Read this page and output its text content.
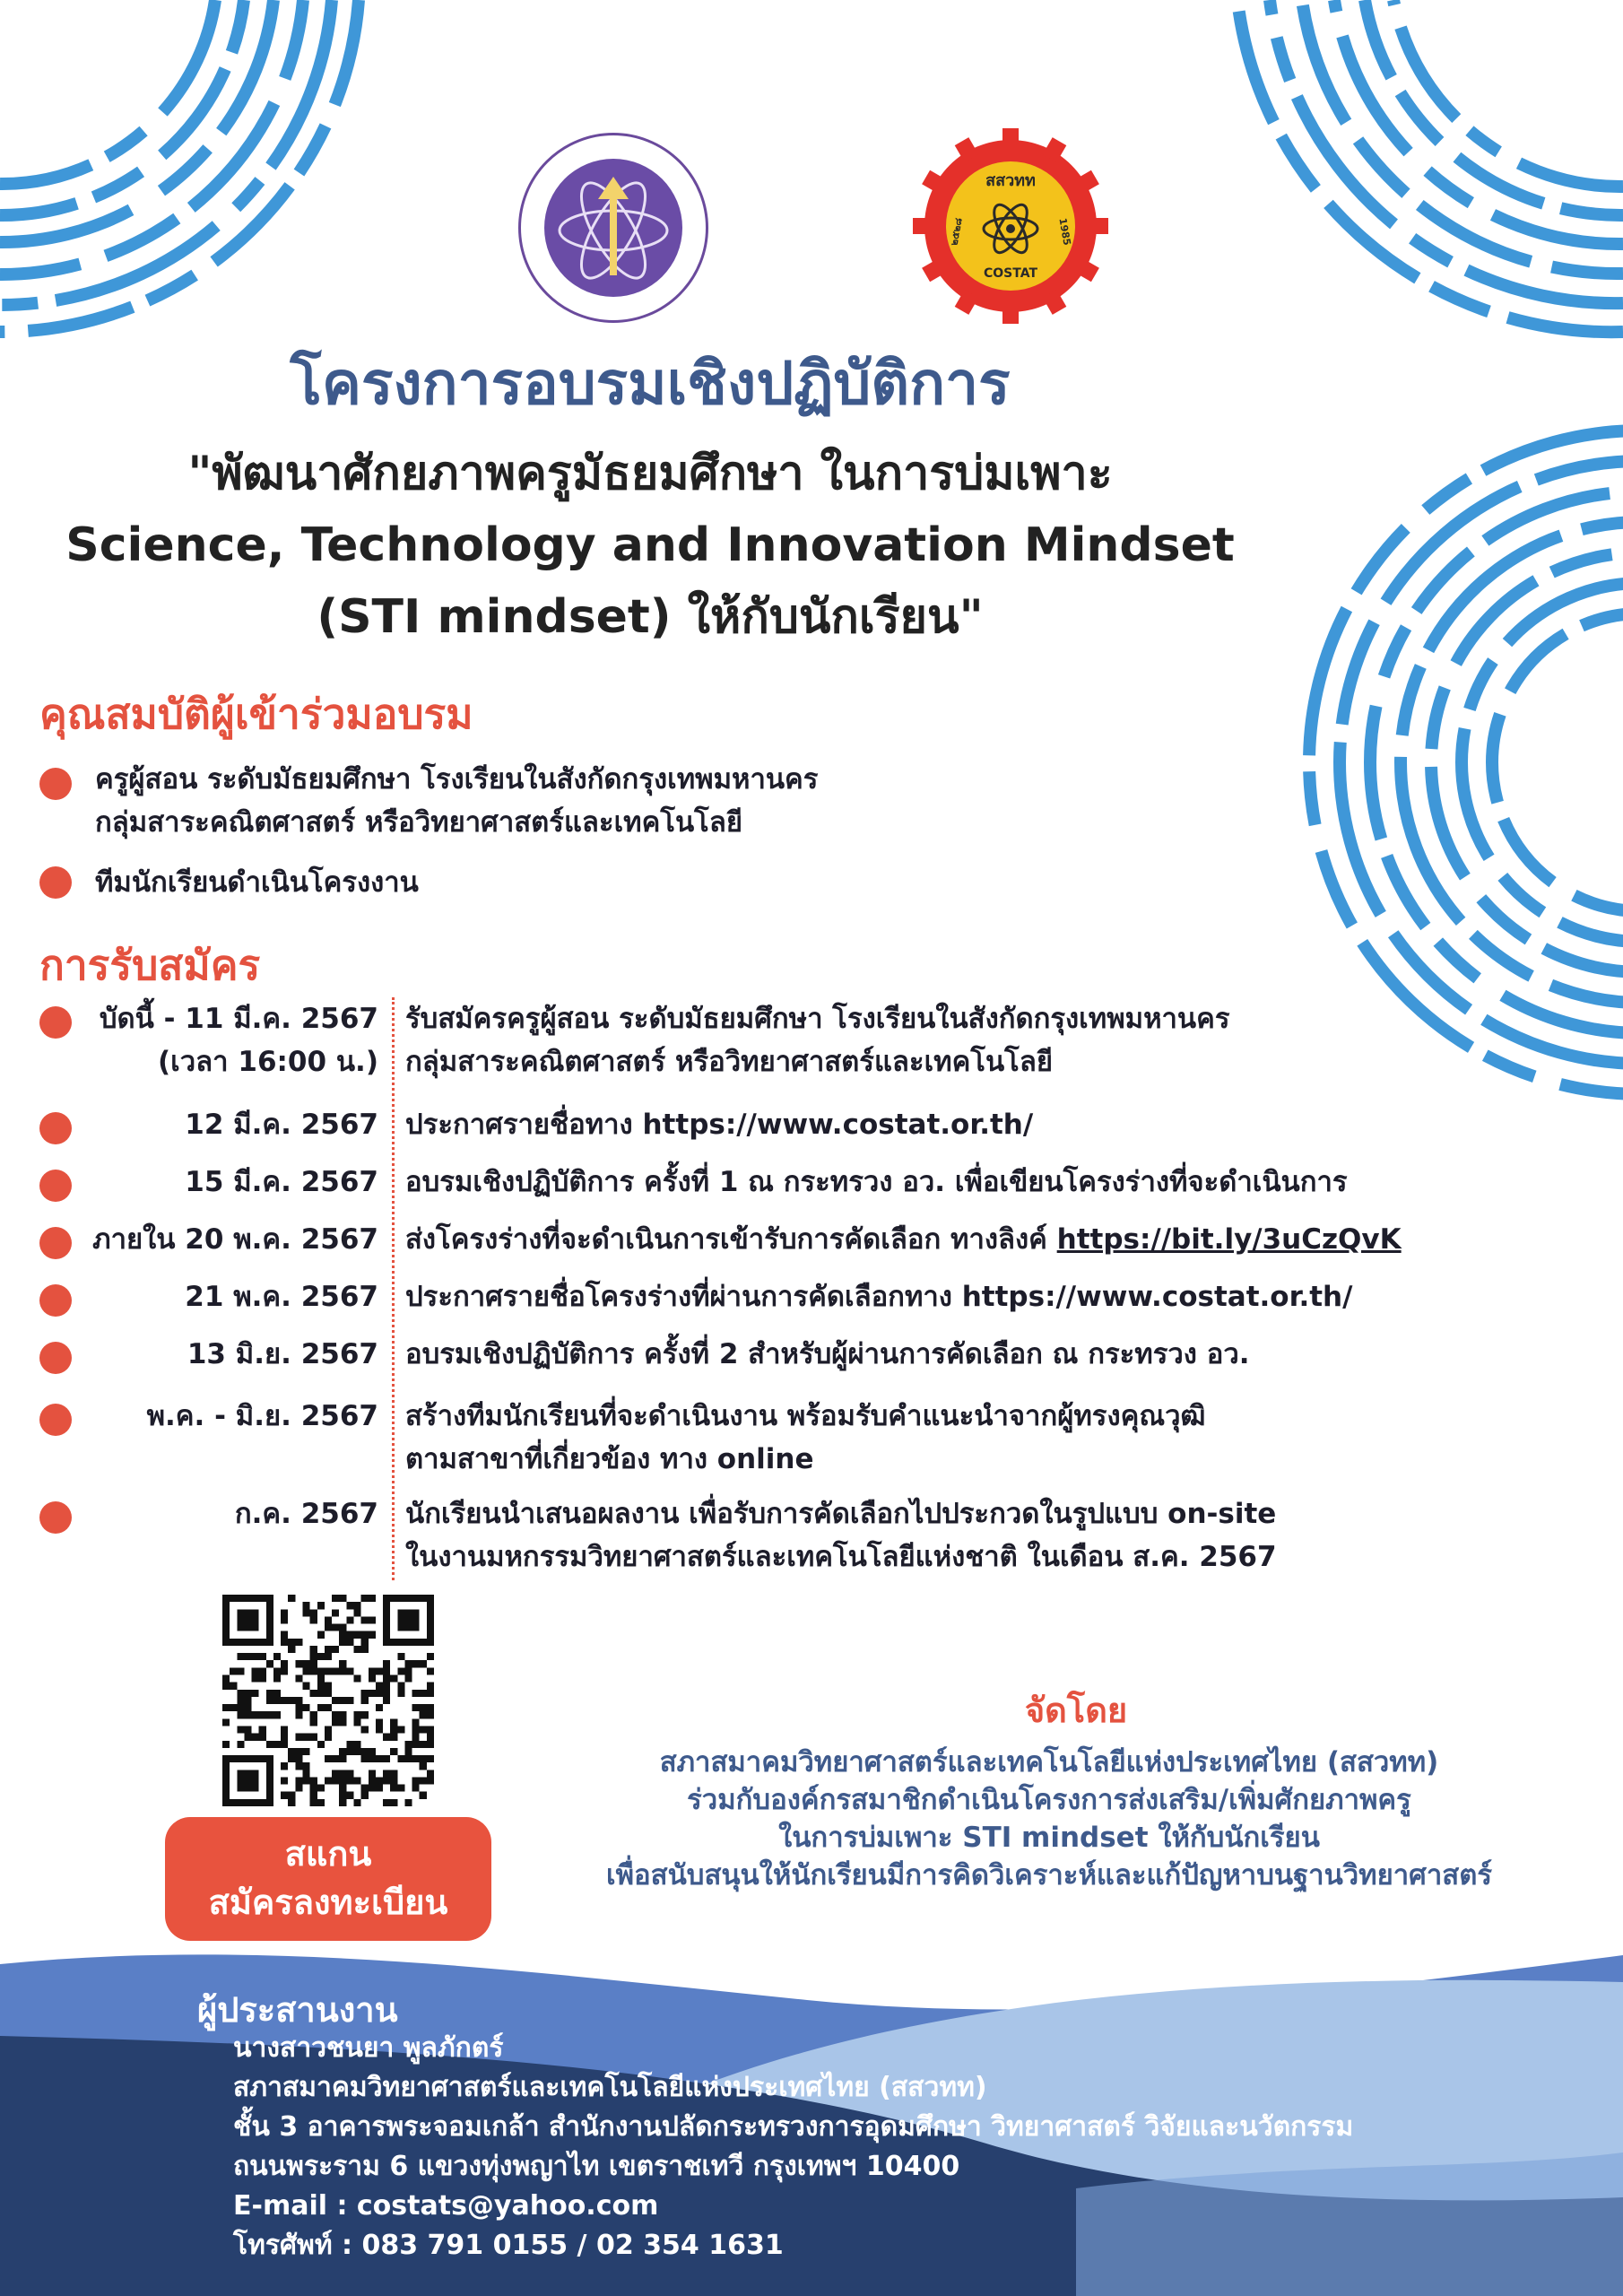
สสวทท
COSTAT
๒๕๒๘	1985
โครงการอบรมเชิงปฏิบัติการ
"พัฒนาศักยภาพครูมัธยมศึกษา ในการบ่มเพาะ
Science, Technology and Innovation Mindset
(STI mindset) ให้กับนักเรียน"
คุณสมบัติผู้เข้าร่วมอบรม
ครูผู้สอน ระดับมัธยมศึกษา โรงเรียนในสังกัดกรุงเทพมหานคร
กลุ่มสาระคณิตศาสตร์ หรือวิทยาศาสตร์และเทคโนโลยี
ทีมนักเรียนดำเนินโครงงาน
การรับสมัคร
บัดนี้ - 11 มี.ค. 2567
(เวลา 16:00 น.)
รับสมัครครูผู้สอน ระดับมัธยมศึกษา โรงเรียนในสังกัดกรุงเทพมหานคร
กลุ่มสาระคณิตศาสตร์ หรือวิทยาศาสตร์และเทคโนโลยี
12 มี.ค. 2567 ประกาศรายชื่อทาง https://www.costat.or.th/
15 มี.ค. 2567 อบรมเชิงปฏิบัติการ ครั้งที่ 1 ณ กระทรวง อว. เพื่อเขียนโครงร่างที่จะดำเนินการ
ภายใน 20 พ.ค. 2567 ส่งโครงร่างที่จะดำเนินการเข้ารับการคัดเลือก ทางลิงค์ https://bit.ly/3uCzQvK
21 พ.ค. 2567 ประกาศรายชื่อโครงร่างที่ผ่านการคัดเลือกทาง https://www.costat.or.th/
13 มิ.ย. 2567 อบรมเชิงปฏิบัติการ ครั้งที่ 2 สำหรับผู้ผ่านการคัดเลือก ณ กระทรวง อว.
พ.ค. - มิ.ย. 2567 สร้างทีมนักเรียนที่จะดำเนินงาน พร้อมรับคำแนะนำจากผู้ทรงคุณวุฒิ
ตามสาขาที่เกี่ยวข้อง ทาง online
ก.ค. 2567 นักเรียนนำเสนอผลงาน เพื่อรับการคัดเลือกไปประกวดในรูปแบบ on-site
ในงานมหกรรมวิทยาศาสตร์และเทคโนโลยีแห่งชาติ ในเดือน ส.ค. 2567
สแกน
สมัครลงทะเบียน
จัดโดย
สภาสมาคมวิทยาศาสตร์และเทคโนโลยีแห่งประเทศไทย (สสวทท)
ร่วมกับองค์กรสมาชิกดำเนินโครงการส่งเสริม/เพิ่มศักยภาพครู
ในการบ่มเพาะ STI mindset ให้กับนักเรียน
เพื่อสนับสนุนให้นักเรียนมีการคิดวิเคราะห์และแก้ปัญหาบนฐานวิทยาศาสตร์
ผู้ประสานงาน
นางสาวชนยา พูลภักตร์
สภาสมาคมวิทยาศาสตร์และเทคโนโลยีแห่งประเทศไทย (สสวทท)
ชั้น 3 อาคารพระจอมเกล้า สำนักงานปลัดกระทรวงการอุดมศึกษา วิทยาศาสตร์ วิจัยและนวัตกรรม
ถนนพระราม 6 แขวงทุ่งพญาไท เขตราชเทวี กรุงเทพฯ 10400
E-mail : costats@yahoo.com
โทรศัพท์ : 083 791 0155 / 02 354 1631
